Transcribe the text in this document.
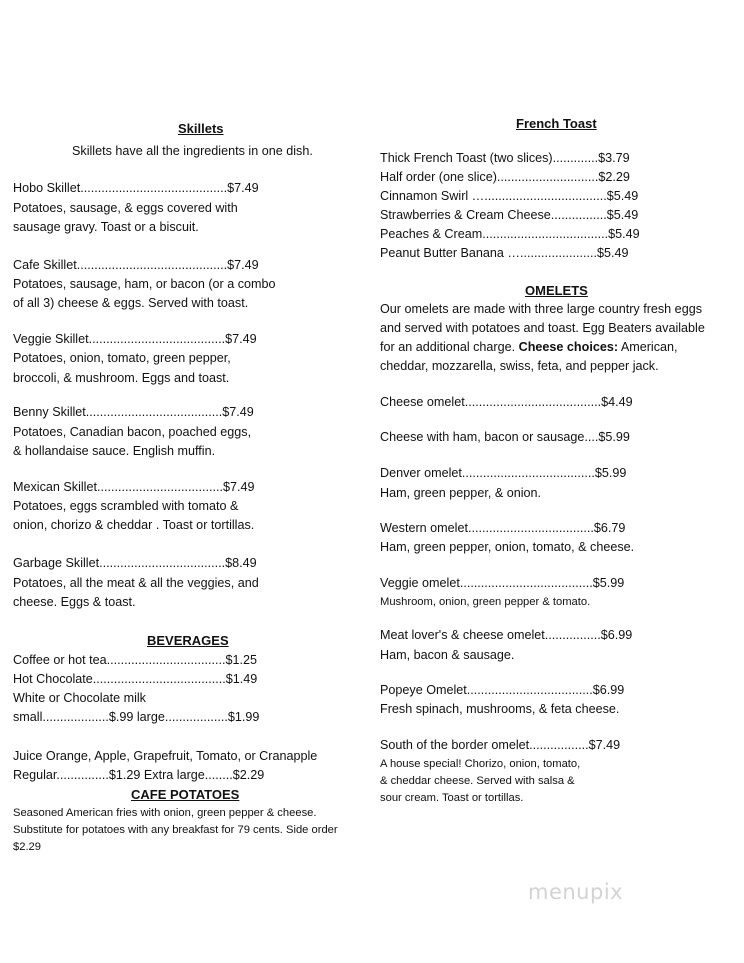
Skillets
Skillets have all the ingredients in one dish.
Hobo Skillet..........................................$7.49
Potatoes, sausage, & eggs covered with
sausage gravy. Toast or a biscuit.
Cafe Skillet...........................................$7.49
Potatoes, sausage, ham, or bacon (or a combo
of all 3) cheese & eggs. Served with toast.
Veggie Skillet.......................................$7.49
Potatoes, onion, tomato, green pepper,
broccoli, & mushroom. Eggs and toast.
Benny Skillet.......................................$7.49
Potatoes, Canadian bacon, poached eggs,
& hollandaise sauce. English muffin.
Mexican Skillet....................................$7.49
Potatoes, eggs scrambled with tomato &
onion, chorizo & cheddar . Toast or tortillas.
Garbage Skillet....................................$8.49
Potatoes, all the meat & all the veggies, and
cheese. Eggs & toast.
BEVERAGES
Coffee or hot tea..................................$1.25
Hot Chocolate......................................$1.49
White or Chocolate milk
small...................$.99 large..................$1.99
Juice Orange, Apple, Grapefruit, Tomato, or Cranapple
Regular...............$1.29 Extra large........$2.29
CAFE POTATOES
Seasoned American fries with onion, green pepper & cheese.
Substitute for potatoes with any breakfast for 79 cents. Side order
$2.29
French Toast
Thick French Toast (two slices).............$3.79
Half order (one slice).............................$2.29
Cinnamon Swirl …...................................$5.49
Strawberries & Cream Cheese................$5.49
Peaches & Cream....................................$5.49
Peanut Butter Banana …......................$5.49
OMELETS
Our omelets are made with three large country fresh eggs
and served with potatoes and toast. Egg Beaters available
for an additional charge. Cheese choices: American,
cheddar, mozzarella, swiss, feta, and pepper jack.
Cheese omelet.......................................$4.49
Cheese with ham, bacon or sausage....$5.99
Denver omelet......................................$5.99
Ham, green pepper, & onion.
Western omelet....................................$6.79
Ham, green pepper, onion, tomato, & cheese.
Veggie omelet......................................$5.99
Mushroom, onion, green pepper & tomato.
Meat lover's & cheese omelet................$6.99
Ham, bacon & sausage.
Popeye Omelet....................................$6.99
Fresh spinach, mushrooms, & feta cheese.
South of the border omelet.................$7.49
A house special! Chorizo, onion, tomato,
& cheddar cheese. Served with salsa &
sour cream. Toast or tortillas.
menupix
